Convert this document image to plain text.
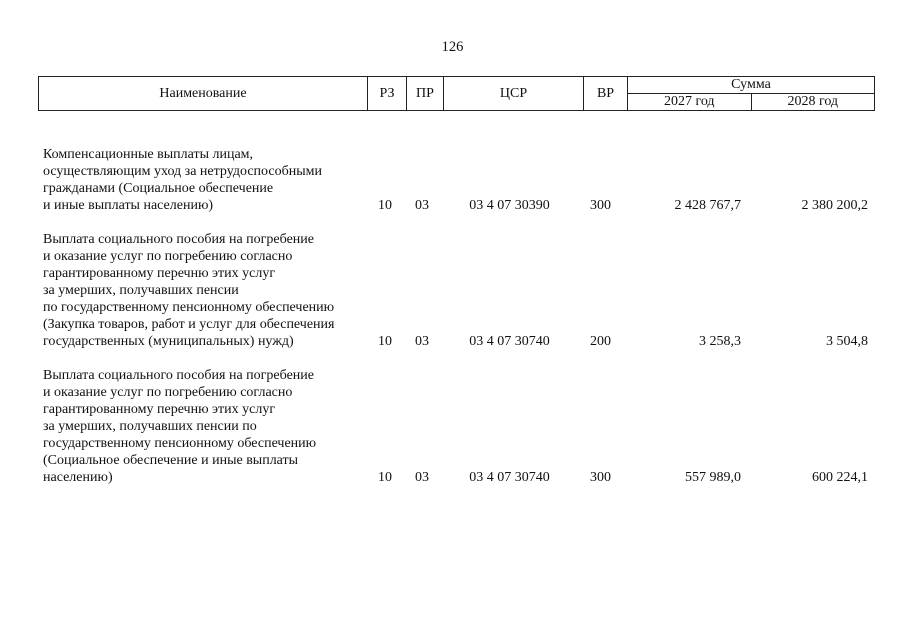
126
Наименование	РЗ	ПР	ЦСР	ВР	Сумма	
					2027 год	2028 год
Компенсационные выплаты лицам,
осуществляющим уход за нетрудоспособными
гражданами (Социальное обеспечение
и иные выплаты населению)	10	03	03 4 07 30390	300	2 428 767,7	2 380 200,2
Выплата социального пособия на погребение
и оказание услуг по погребению согласно
гарантированному перечню этих услуг
за умерших, получавших пенсии
по государственному пенсионному обеспечению
(Закупка товаров, работ и услуг для обеспечения
государственных (муниципальных) нужд)	10	03	03 4 07 30740	200	3 258,3	3 504,8
Выплата социального пособия на погребение
и оказание услуг по погребению согласно
гарантированному перечню этих услуг
за умерших, получавших пенсии по
государственному пенсионному обеспечению
(Социальное обеспечение и иные выплаты
населению)	10	03	03 4 07 30740	300	557 989,0	600 224,1
